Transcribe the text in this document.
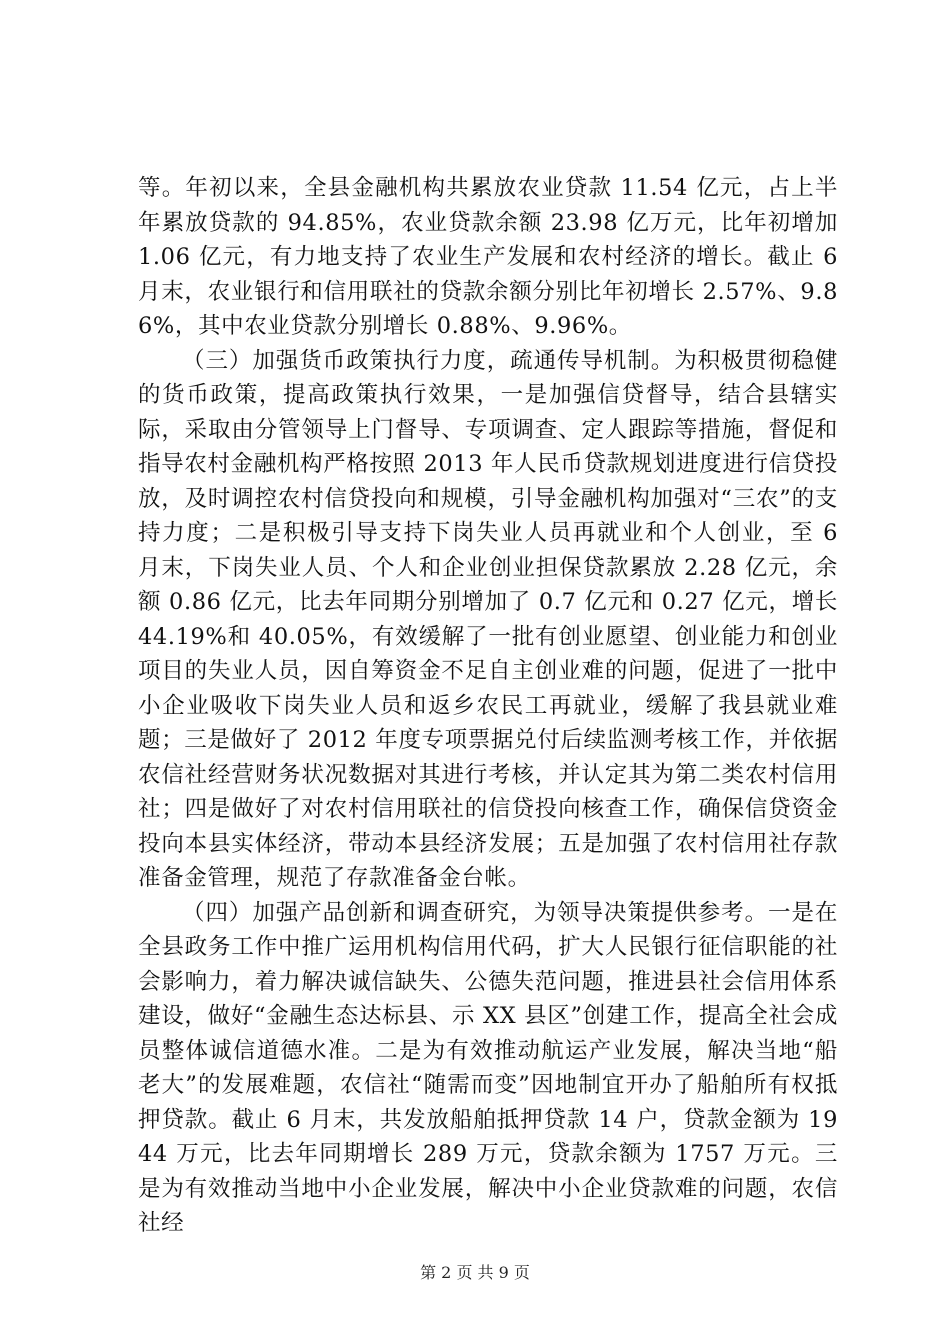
等。年初以来，全县金融机构共累放农业贷款 11.54 亿元，占上半年累放贷款的 94.85%，农业贷款余额 23.98 亿万元，比年初增加 1.06 亿元，有力地支持了农业生产发展和农村经济的增长。截止 6 月末，农业银行和信用联社的贷款余额分别比年初增长 2.57%、9.86%，其中农业贷款分别增长 0.88%、9.96%。

（三）加强货币政策执行力度，疏通传导机制。为积极贯彻稳健的货币政策，提高政策执行效果，一是加强信贷督导，结合县辖实际，采取由分管领导上门督导、专项调查、定人跟踪等措施，督促和指导农村金融机构严格按照 2013 年人民币贷款规划进度进行信贷投放，及时调控农村信贷投向和规模，引导金融机构加强对“三农”的支持力度；二是积极引导支持下岗失业人员再就业和个人创业，至 6 月末，下岗失业人员、个人和企业创业担保贷款累放 2.28 亿元，余额 0.86 亿元，比去年同期分别增加了 0.7 亿元和 0.27 亿元，增长 44.19%和 40.05%，有效缓解了一批有创业愿望、创业能力和创业项目的失业人员，因自筹资金不足自主创业难的问题，促进了一批中小企业吸收下岗失业人员和返乡农民工再就业，缓解了我县就业难题；三是做好了 2012 年度专项票据兑付后续监测考核工作，并依据农信社经营财务状况数据对其进行考核，并认定其为第二类农村信用社；四是做好了对农村信用联社的信贷投向核查工作，确保信贷资金投向本县实体经济，带动本县经济发展；五是加强了农村信用社存款准备金管理，规范了存款准备金台帐。

（四）加强产品创新和调查研究，为领导决策提供参考。一是在全县政务工作中推广运用机构信用代码，扩大人民银行征信职能的社会影响力，着力解决诚信缺失、公德失范问题，推进县社会信用体系建设，做好“金融生态达标县、示 XX 县区”创建工作，提高全社会成员整体诚信道德水准。二是为有效推动航运产业发展，解决当地“船老大”的发展难题，农信社“随需而变”因地制宜开办了船舶所有权抵押贷款。截止 6 月末，共发放船舶抵押贷款 14 户，贷款金额为 1944 万元，比去年同期增长 289 万元，贷款余额为 1757 万元。三是为有效推动当地中小企业发展，解决中小企业贷款难的问题，农信社经

第 2 页 共 9 页
